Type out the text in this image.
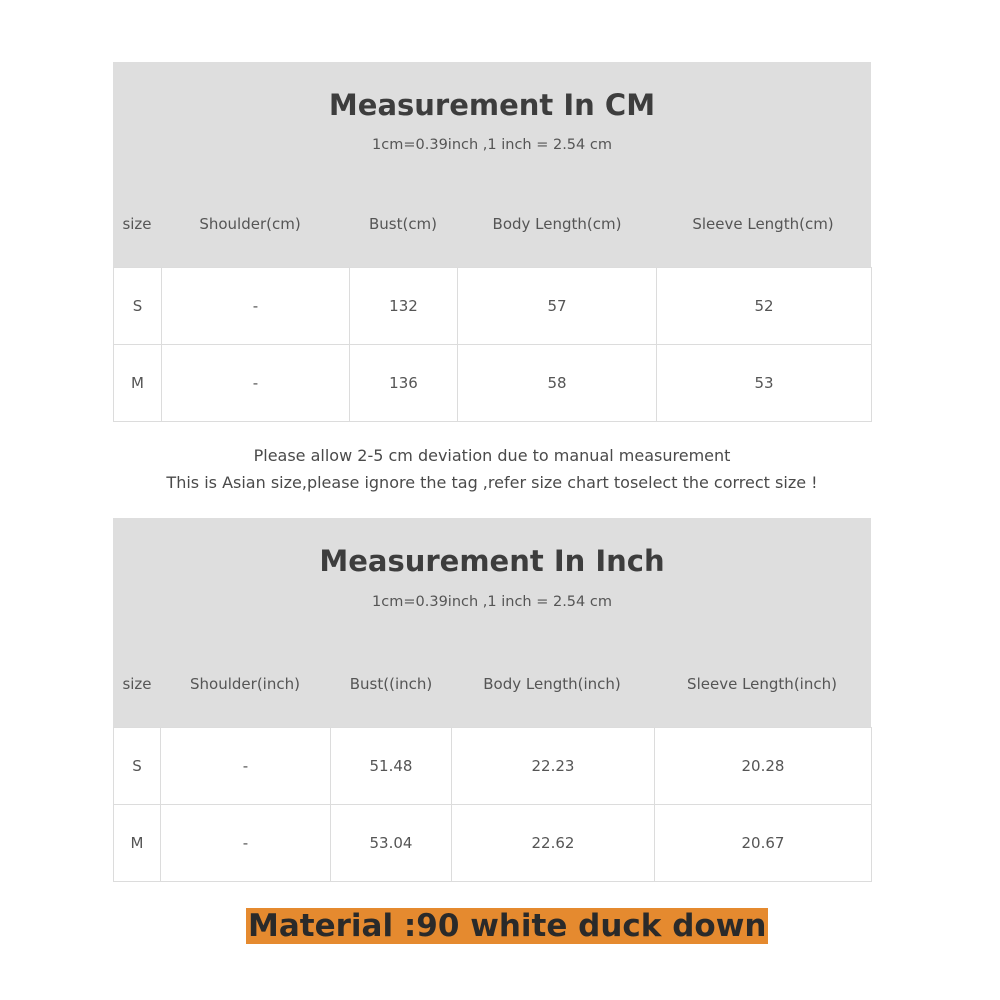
Measurement In CM
1cm=0.39inch ,1 inch = 2.54 cm
size	Shoulder(cm)	Bust(cm)	Body Length(cm)	Sleeve Length(cm)
S	-	132	57	52
M	-	136	58	53
Please allow 2-5 cm deviation due to manual measurement
This is Asian size,please ignore the tag ,refer size chart toselect the correct size !
Measurement In Inch
1cm=0.39inch ,1 inch = 2.54 cm
size	Shoulder(inch)	Bust((inch)	Body Length(inch)	Sleeve Length(inch)
S	-	51.48	22.23	20.28
M	-	53.04	22.62	20.67
Material :90 white duck down
